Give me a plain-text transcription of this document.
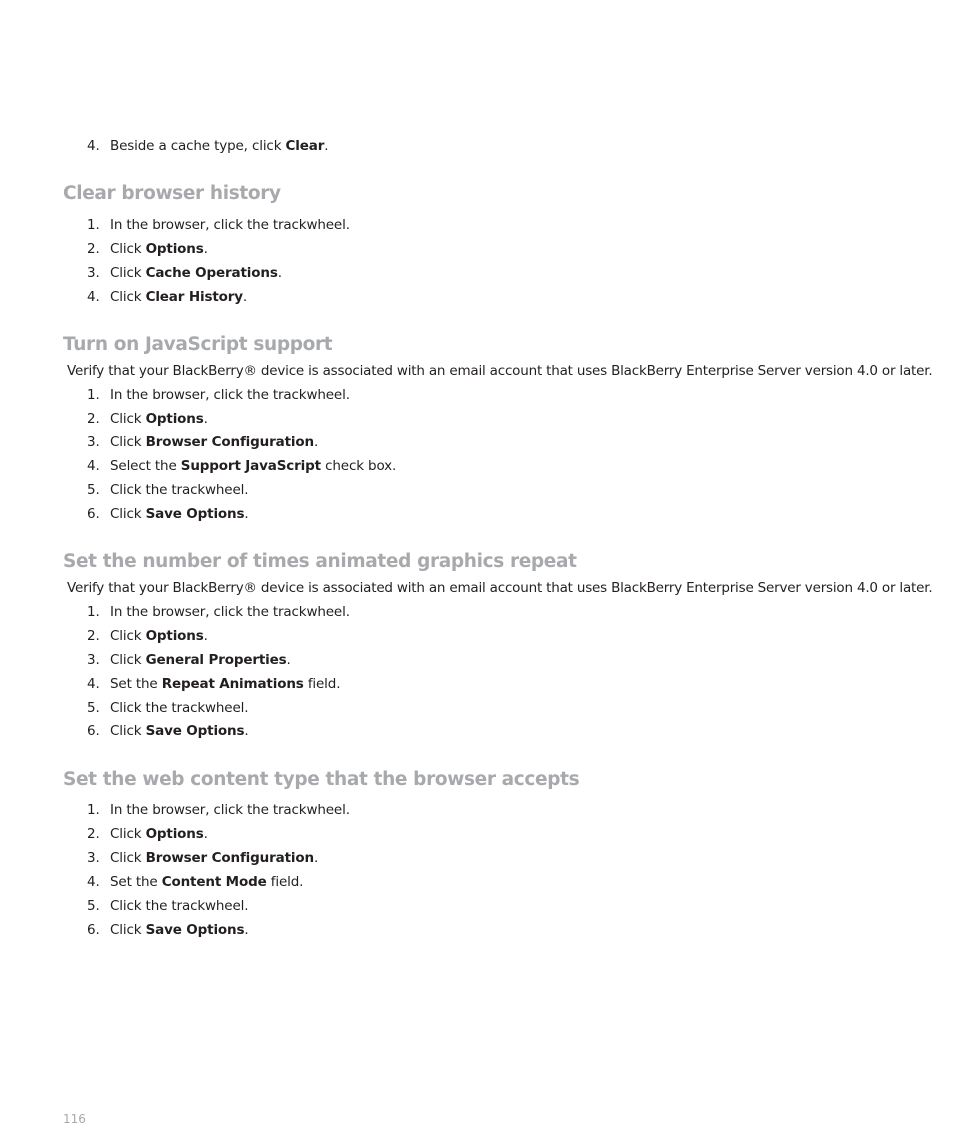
4. Beside a cache type, click Clear.
Clear browser history
1. In the browser, click the trackwheel.
2. Click Options.
3. Click Cache Operations.
4. Click Clear History.
Turn on JavaScript support
Verify that your BlackBerry® device is associated with an email account that uses BlackBerry Enterprise Server version 4.0 or later.
1. In the browser, click the trackwheel.
2. Click Options.
3. Click Browser Configuration.
4. Select the Support JavaScript check box.
5. Click the trackwheel.
6. Click Save Options.
Set the number of times animated graphics repeat
Verify that your BlackBerry® device is associated with an email account that uses BlackBerry Enterprise Server version 4.0 or later.
1. In the browser, click the trackwheel.
2. Click Options.
3. Click General Properties.
4. Set the Repeat Animations field.
5. Click the trackwheel.
6. Click Save Options.
Set the web content type that the browser accepts
1. In the browser, click the trackwheel.
2. Click Options.
3. Click Browser Configuration.
4. Set the Content Mode field.
5. Click the trackwheel.
6. Click Save Options.
116
